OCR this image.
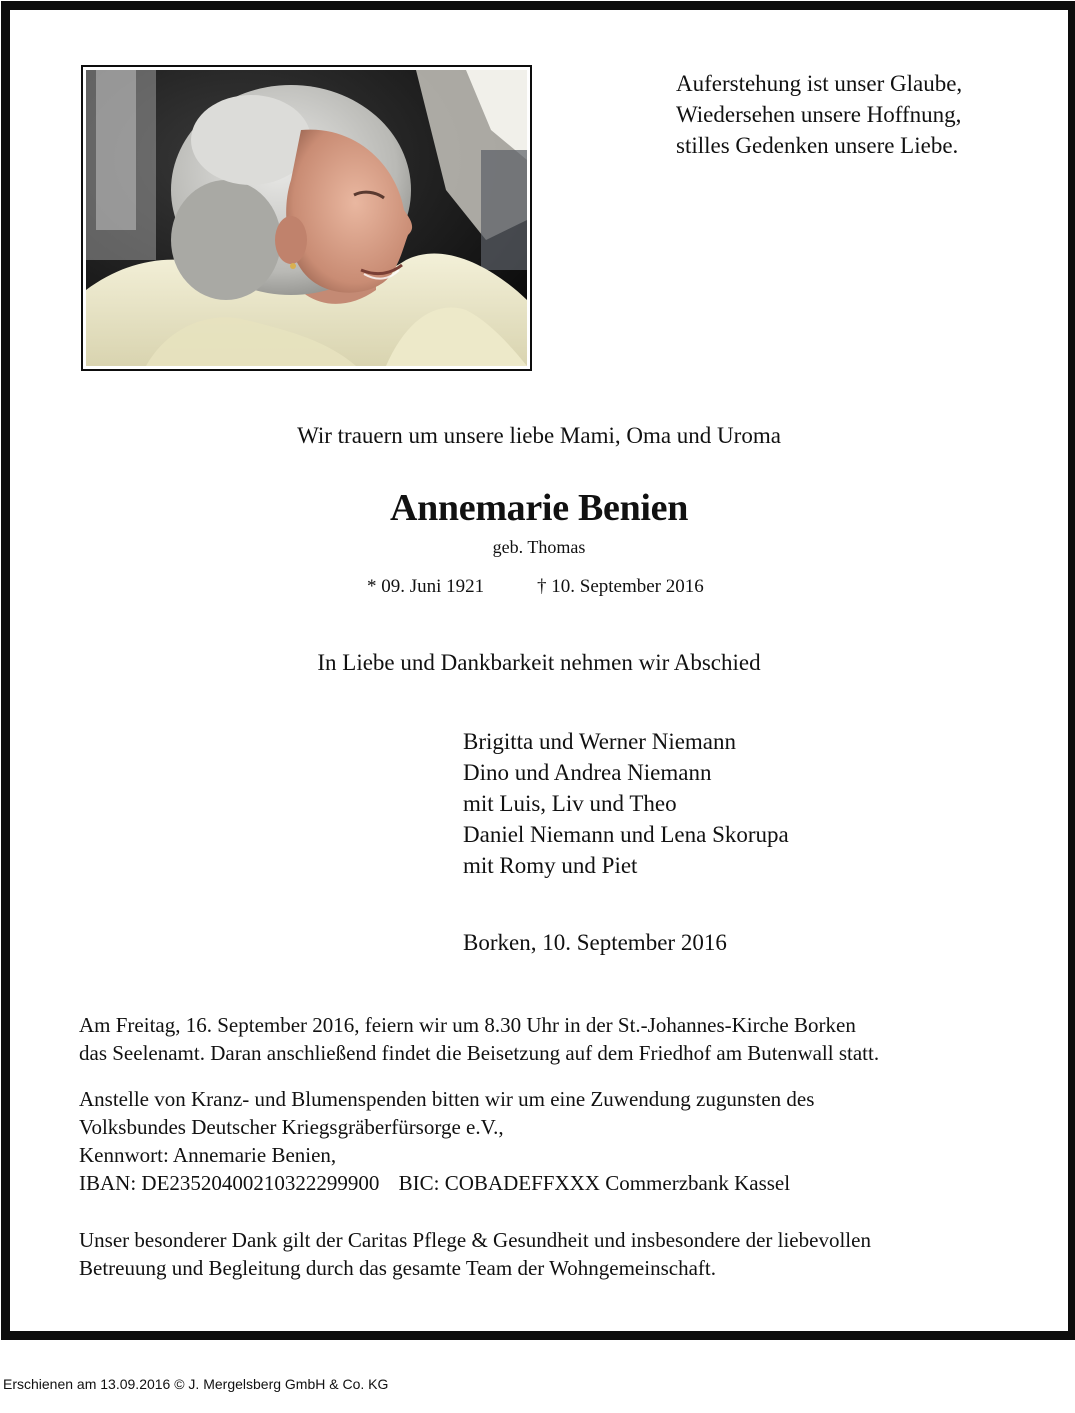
Auferstehung ist unser Glaube,
Wiedersehen unsere Hoffnung,
stilles Gedenken unsere Liebe.

Wir trauern um unsere liebe Mami, Oma und Uroma

Annemarie Benien

geb. Thomas

* 09. Juni 1921	† 10. September 2016

In Liebe und Dankbarkeit nehmen wir Abschied

Brigitta und Werner Niemann
Dino und Andrea Niemann
mit Luis, Liv und Theo
Daniel Niemann und Lena Skorupa
mit Romy und Piet
Borken, 10. September 2016
Am Freitag, 16. September 2016, feiern wir um 8.30 Uhr in der St.-Johannes-Kirche Borken
das Seelenamt. Daran anschließend findet die Beisetzung auf dem Friedhof am Butenwall statt.
Anstelle von Kranz- und Blumenspenden bitten wir um eine Zuwendung zugunsten des
Volksbundes Deutscher Kriegsgräberfürsorge e.V.,
Kennwort: Annemarie Benien,
IBAN: DE23520400210322299900 BIC: COBADEFFXXX Commerzbank Kassel
Unser besonderer Dank gilt der Caritas Pflege & Gesundheit und insbesondere der liebevollen
Betreuung und Begleitung durch das gesamte Team der Wohngemeinschaft.
Erschienen am 13.09.2016 © J. Mergelsberg GmbH & Co. KG
